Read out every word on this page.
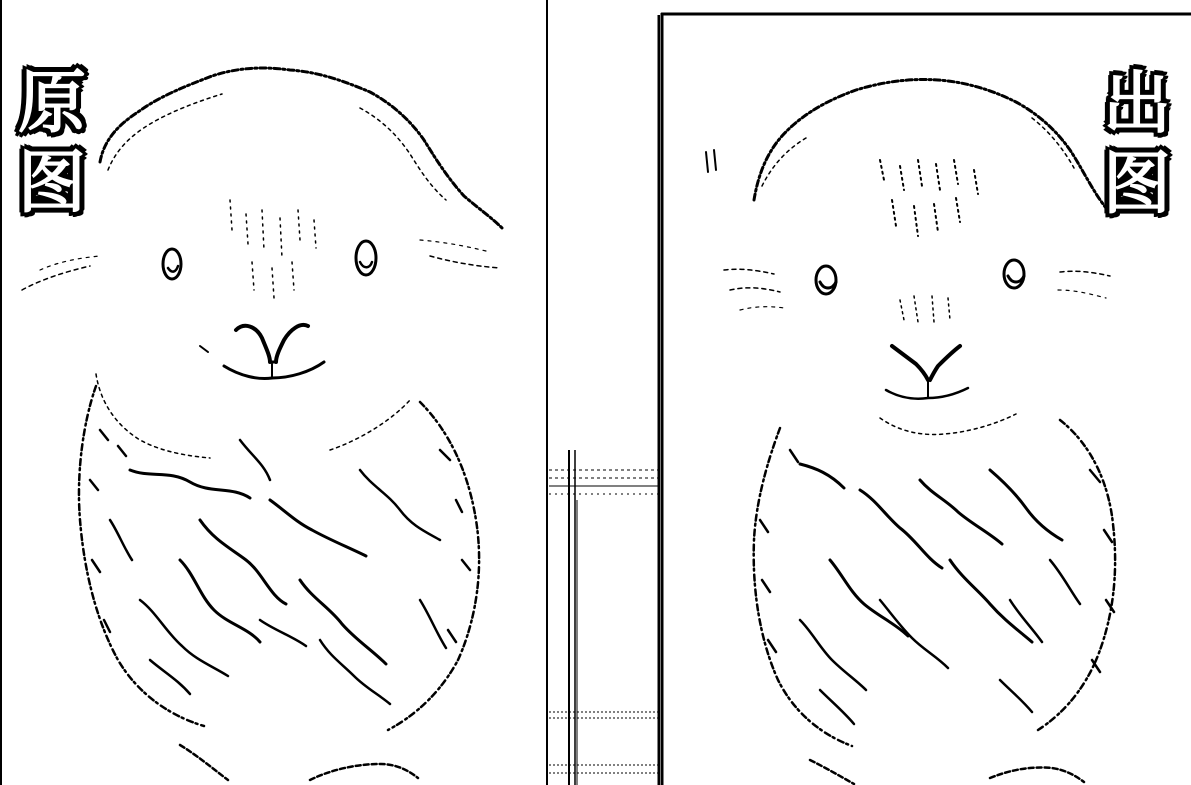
原
图
出
图
